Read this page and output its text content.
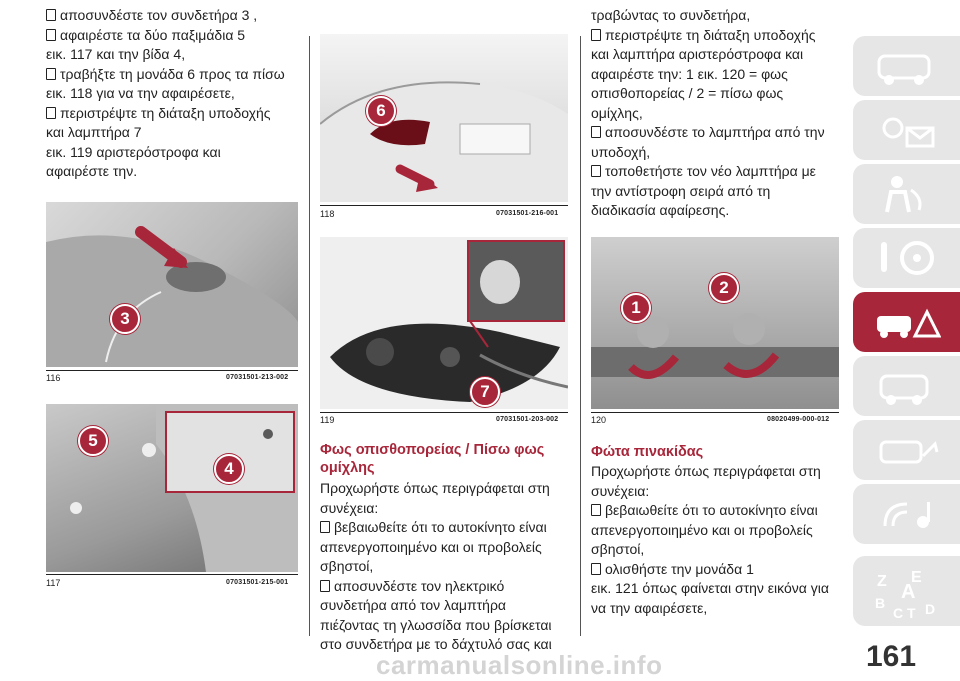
αποσυνδέστε τον συνδετήρα 3 ,

αφαιρέστε τα δύο παξιμάδια 5

εικ. 117 και την βίδα 4,

τραβήξτε τη μονάδα 6 προς τα πίσω

εικ. 118 για να την αφαιρέσετε,

περιστρέψτε τη διάταξη υποδοχής

και λαμπτήρα 7

εικ. 119 αριστερόστροφα και

αφαιρέστε την.

3
116	07031501-213-002
5
4
117	07031501-215-001
6
118	07031501-216-001
7
119	07031501-203-002

Φως οπισθοπορείας / Πίσω φως
ομίχλης

Προχωρήστε όπως περιγράφεται στη

συνέχεια:

βεβαιωθείτε ότι το αυτοκίνητο είναι

απενεργοποιημένο και οι προβολείς

σβηστοί,

αποσυνδέστε τον ηλεκτρικό

συνδετήρα από τον λαμπτήρα

πιέζοντας τη γλωσσίδα που βρίσκεται

στο συνδετήρα με το δάχτυλό σας και

τραβώντας το συνδετήρα,

περιστρέψτε τη διάταξη υποδοχής

και λαμπτήρα αριστερόστροφα και

αφαιρέστε την: 1 εικ. 120 = φως

οπισθοπορείας / 2 = πίσω φως

ομίχλης,

αποσυνδέστε το λαμπτήρα από την

υποδοχή,

τοποθετήστε τον νέο λαμπτήρα με

την αντίστροφη σειρά από τη

διαδικασία αφαίρεσης.

1
2
120	08020499-000-012

Φώτα πινακίδας

Προχωρήστε όπως περιγράφεται στη

συνέχεια:

βεβαιωθείτε ότι το αυτοκίνητο είναι

απενεργοποιημένο και οι προβολείς

σβηστοί,

ολισθήστε την μονάδα 1

εικ. 121 όπως φαίνεται στην εικόνα για

να την αφαιρέσετε,

Z E
A
B
C T D
161
carmanualsonline.info
